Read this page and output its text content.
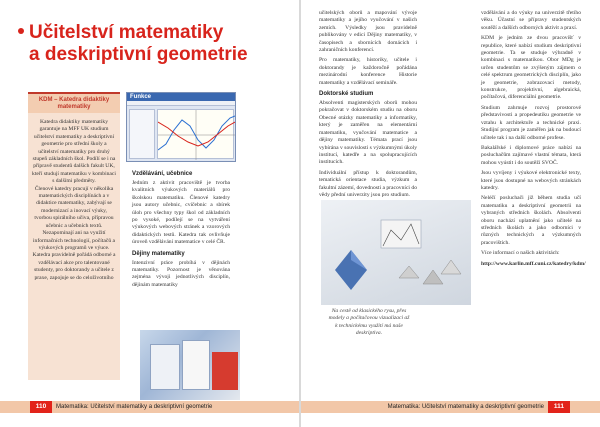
Učitelství matematiky
a deskriptivní geometrie
KDM – Katedra didaktiky matematiky

Katedra didaktiky matematiky garantuje na MFF UK studium učitelství matematiky a deskriptivní geometrie pro střední školy a učitelství matematiky pro druhý stupeň základních škol. Podílí se i na přípravě studentů dalších fakult UK, kteří studují matematiku v kombinaci s dalšími předměty.

Členové katedry pracují v několika matematických disciplínách a v didaktice matematiky, zabývají se modernizací a inovací výuky, tvorbou spirálního učiva, přípravou učebnic a učebních textů.

Nezapomínají ani na využití informačních technologií, počítačů a výukových programů ve výuce.

Katedra pravidelně pořádá odborné a vzdělávací akce pro talentované studenty, pro doktorandy a učitele z praxe, zapojuje se do celoživotního

Funkce
Vzdělávání, učebnice
Jedním z aktivit pracoviště je tvorba kvalitních výukových materiálů pro školskou matematiku. Členové katedry jsou autory učebnic, cvičebnic a sbírek úloh pro všechny typy škol od základních po vysoké, podílejí se na vytváření výukových webových stránek a vzorových didaktických testů. Katedra tak ovlivňuje úroveň vzdělávání matematice v celé ČR.
Dějiny matematiky
Intenzivní práce probíhá v dějinách matematiky. Pozornost je věnována zejména vývoji jednotlivých disciplín, dějinám matematiky
110	Matematika: Učitelství matematiky a deskriptivní geometrie
učitelských oborů a mapování vývoje matematiky a jejího vyučování v našich zemích. Výsledky jsou pravidelně publikovány v edici Dějiny matematiky, v časopisech a sbornících domácích i zahraničních konferencí.
Pro matematiky, historiky, učitele i doktorandy je každoročně pořádána mezinárodní konference Historie matematiky a vzdělávací semináře.
Doktorské studium
Absolventi magisterských oborů mohou pokračovat v doktorském studiu na oboru Obecné otázky matematiky a informatiky, který je zaměřen na elementární matematiku, vyučování matematice a dějiny matematiky. Témata prací jsou vybírána v souvislosti s výzkumnými úkoly institucí, katedře a na spolupracujících institucích.
Individuální přístup k doktorandům, tematická orientace studia, výzkum a fakultní zázemí, dovednosti a pracovníci do vědy přední univerzity jsou pro studium.
Na cestě od klasického rysu, přes modely a počítačovou vizualizaci až k technickému využití má naše deskriptiva.
vzdělávání a do výuky na univerzitě třetího věku. Účastní se přípravy studentských soutěží a dalších odborných aktivit a praxí.
KDM je jedním ze dvou pracovišť v republice, které nabízí studium deskriptivní geometrie. Ta se studuje výhradně v kombinaci s matematikou. Obor MDg je určen studentům se zvýšeným zájmem o celé spektrum geometrických disciplín, jako je geometrie, zobrazovací metody, konstrukce, projektivní, algebraická, počítačová, diferenciální geometrie.
Studium zahrnuje rozvoj prostorové představivosti a propedeutiku geometrie ve vztahu k architektuře a technické praxi. Studijní program je zaměřen jak na budoucí učitele tak i na další odborné profese.
Bakalářské i diplomové práce nabízí na posluchačům zajímavé vlastní témata, která mohou vyústit i do soutěží SVOČ.
Jsou vyvíjeny i výukové elektronické texty, které jsou dostupné na webových stránkách katedry.
Neléčí posluchači již během studia učí matematiku a deskriptivní geometrii na vybraných středních školách. Absolventi oboru nachází uplatnění jako učitelé na středních školách a jako odborníci v různých technických a výzkumných pracovištích.
Více informací o našich aktivitách:
http://www.karlin.mff.cuni.cz/katedry/kdm/
Matematika: Učitelství matematiky a deskriptivní geometrie	111
